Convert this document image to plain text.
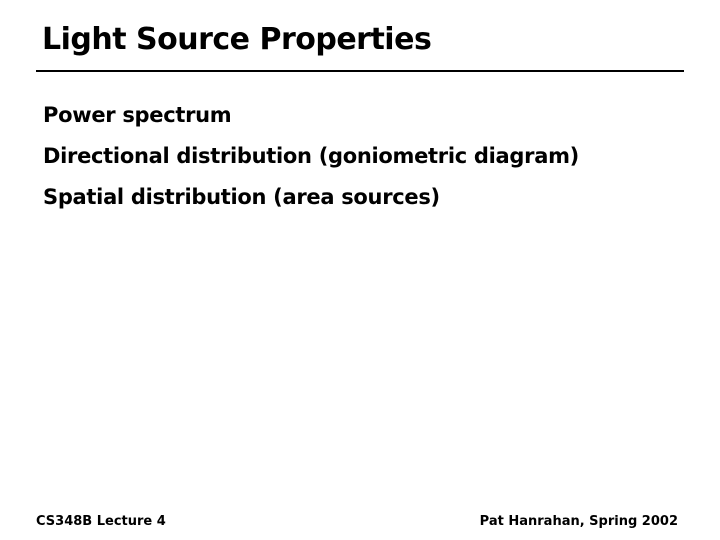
Light Source Properties
Power spectrum
Directional distribution (goniometric diagram)
Spatial distribution (area sources)
CS348B Lecture 4	Pat Hanrahan, Spring 2002
